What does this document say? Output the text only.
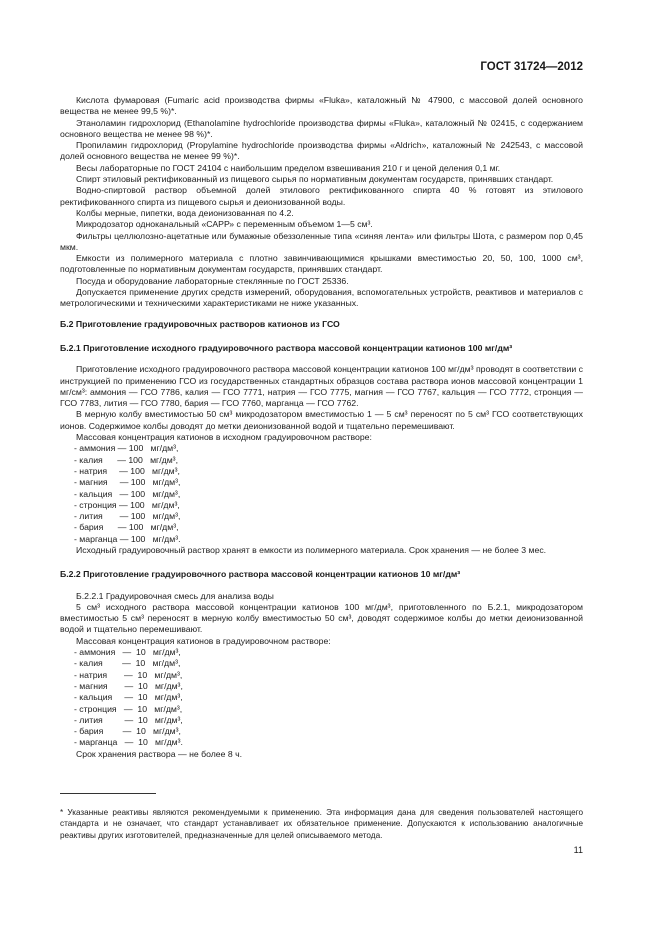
ГОСТ 31724—2012

Кислота фумаровая (Fumaric acid производства фирмы «Fluka», каталожный № 47900, с массовой долей основного вещества не менее 99,5 %)*.

Этаноламин гидрохлорид (Ethanolamine hydrochloride производства фирмы «Fluka», каталожный № 02415, с содержанием основного вещества не менее 98 %)*.

Пропиламин гидрохлорид (Propylamine hydrochloride производства фирмы «Aldrich», каталожный № 242543, с массовой долей основного вещества не менее 99 %)*.

Весы лабораторные по ГОСТ 24104 с наибольшим пределом взвешивания 210 г и ценой деления 0,1 мг.

Спирт этиловый ректификованный из пищевого сырья по нормативным документам государств, принявших стандарт.

Водно-спиртовой раствор объемной долей этилового ректификованного спирта 40 % готовят из этилового ректификованного спирта из пищевого сырья и деионизованной воды.

Колбы мерные, пипетки, вода деионизованная по 4.2.

Микродозатор одноканальный «САРР» с переменным объемом 1—5 см³.

Фильтры целлюлозно-ацетатные или бумажные обеззоленные типа «синяя лента» или фильтры Шота, с размером пор 0,45 мкм.

Емкости из полимерного материала с плотно завинчивающимися крышками вместимостью 20, 50, 100, 1000 см³, подготовленные по нормативным документам государств, принявших стандарт.

Посуда и оборудование лабораторные стеклянные по ГОСТ 25336.

Допускается применение других средств измерений, оборудования, вспомогательных устройств, реактивов и материалов с метрологическими и техническими характеристиками не ниже указанных.

Б.2 Приготовление градуировочных растворов катионов из ГСО

Б.2.1 Приготовление исходного градуировочного раствора массовой концентрации катионов 100 мг/дм³

Приготовление исходного градуировочного раствора массовой концентрации катионов 100 мг/дм³ проводят в соответствии с инструкцией по применению ГСО из государственных стандартных образцов состава раствора ионов массовой концентрации 1 мг/см³: аммония — ГСО 7786, калия — ГСО 7771, натрия — ГСО 7775, магния — ГСО 7767, кальция — ГСО 7772, стронция — ГСО 7783, лития — ГСО 7780, бария — ГСО 7760, марганца — ГСО 7762.

В мерную колбу вместимостью 50 см³ микродозатором вместимостью 1 — 5 см³ переносят по 5 см³ ГСО соответствующих ионов. Содержимое колбы доводят до метки деионизованной водой и тщательно перемешивают.

Массовая концентрация катионов в исходном градуировочном растворе:

- аммония — 100   мг/дм³,

- калия      — 100   мг/дм³,

- натрия     — 100   мг/дм³,

- магния     — 100   мг/дм³,

- кальция   — 100   мг/дм³,

- стронция — 100   мг/дм³,

- лития       — 100   мг/дм³,

- бария      — 100   мг/дм³,

- марганца — 100   мг/дм³.

Исходный градуировочный раствор хранят в емкости из полимерного материала. Срок хранения — не более 3 мес.

Б.2.2 Приготовление градуировочного раствора массовой концентрации катионов 10 мг/дм³

Б.2.2.1 Градуировочная смесь для анализа воды

5 см³ исходного раствора массовой концентрации катионов 100 мг/дм³, приготовленного по Б.2.1, микродозатором вместимостью 5 см³ переносят в мерную колбу вместимостью 50 см³, доводят содержимое колбы до метки деионизованной водой и тщательно перемешивают.

Массовая концентрация катионов в градуировочном растворе:

- аммония   —  10   мг/дм³,

- калия        —  10   мг/дм³,

- натрия       —  10   мг/дм³,

- магния       —  10   мг/дм³,

- кальция     —  10   мг/дм³,

- стронция   —  10   мг/дм³,

- лития         —  10   мг/дм³,

- бария        —  10   мг/дм³,

- марганца   —  10   мг/дм³.

Срок хранения раствора — не более 8 ч.

* Указанные реактивы являются рекомендуемыми к применению. Эта информация дана для сведения пользователей настоящего стандарта и не означает, что стандарт устанавливает их обязательное применение. Допускаются к использованию аналогичные реактивы других изготовителей, предназначенные для целей описываемого метода.

11
